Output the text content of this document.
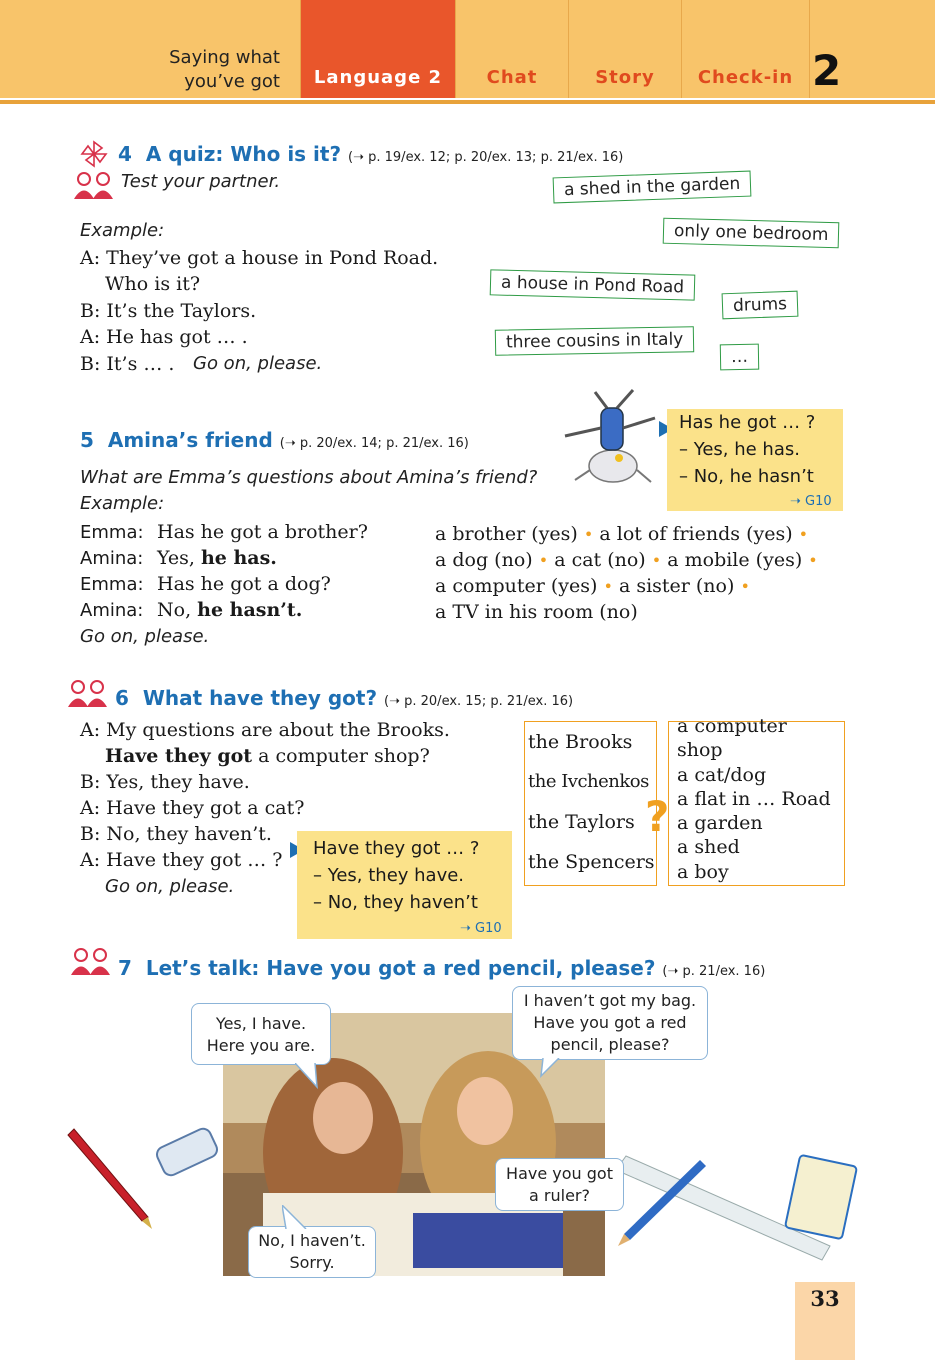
Saying what
you’ve got	Language 2	Chat	Story	Check-in 2
4 A quiz: Who is it? (➝ p. 19/ex. 12; p. 20/ex. 13; p. 21/ex. 16)
Test your partner.
Example:
A: They’ve got a house in Pond Road.
Who is it?
B: It’s the Taylors.
A: He has got … .
B: It’s … . Go on, please.
a shed in the garden
only one bedroom
a house in Pond Road
drums
three cousins in Italy
…
5 Amina’s friend (➝ p. 20/ex. 14; p. 21/ex. 16)
What are Emma’s questions about Amina’s friend?
Example:
Emma: Has he got a brother?
Amina: Yes, he has.
Emma: Has he got a dog?
Amina: No, he hasn’t.
Go on, please.
a brother (yes) • a lot of friends (yes) •
a dog (no) • a cat (no) • a mobile (yes) •
a computer (yes) • a sister (no) •
a TV in his room (no)
Has he got … ?
– Yes, he has.
– No, he hasn’t
➝ G10
6 What have they got? (➝ p. 20/ex. 15; p. 21/ex. 16)
A: My questions are about the Brooks.
Have they got a computer shop?
B: Yes, they have.
A: Have they got a cat?
B: No, they haven’t.
A: Have they got … ?
Go on, please.
Have they got … ?
– Yes, they have.
– No, they haven’t
➝ G10
the Brooks
the Ivchenkos
the Taylors
the Spencers
?
a computer
shop
a cat/dog
a flat in … Road
a garden
a shed
a boy
7 Let’s talk: Have you got a red pencil, please? (➝ p. 21/ex. 16)
Yes, I have.
Here you are.
I haven’t got my bag.
Have you got a red
pencil, please?
Have you got
a ruler?
No, I haven’t.
Sorry.
33
